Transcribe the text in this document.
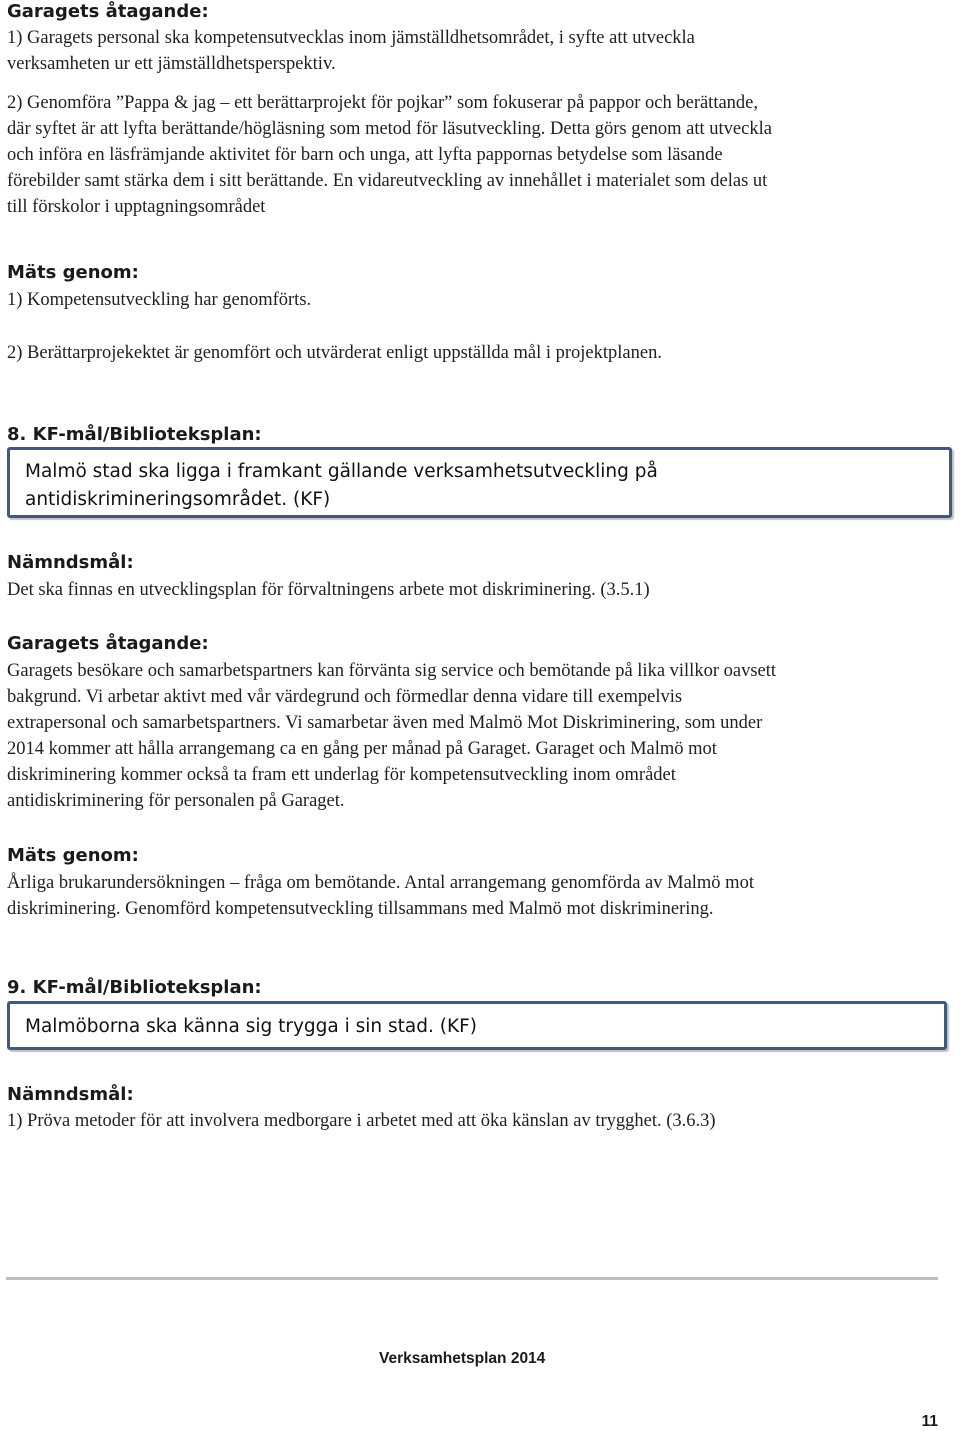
Garagets åtagande:
1) Garagets personal ska kompetensutvecklas inom jämställdhetsområdet, i syfte att utveckla
verksamheten ur ett jämställdhetsperspektiv.
2) Genomföra ”Pappa & jag – ett berättarprojekt för pojkar” som fokuserar på pappor och berättande,
där syftet är att lyfta berättande/högläsning som metod för läsutveckling. Detta görs genom att utveckla
och införa en läsfrämjande aktivitet för barn och unga, att lyfta pappornas betydelse som läsande
förebilder samt stärka dem i sitt berättande. En vidareutveckling av innehållet i materialet som delas ut
till förskolor i upptagningsområdet
Mäts genom:
1) Kompetensutveckling har genomförts.
2) Berättarprojekektet är genomfört och utvärderat enligt uppställda mål i projektplanen.
8. KF-mål/Biblioteksplan:
Malmö stad ska ligga i framkant gällande verksamhetsutveckling på
antidiskrimineringsområdet. (KF)
Nämndsmål:
Det ska finnas en utvecklingsplan för förvaltningens arbete mot diskriminering. (3.5.1)
Garagets åtagande:
Garagets besökare och samarbetspartners kan förvänta sig service och bemötande på lika villkor oavsett
bakgrund. Vi arbetar aktivt med vår värdegrund och förmedlar denna vidare till exempelvis
extrapersonal och samarbetspartners. Vi samarbetar även med Malmö Mot Diskriminering, som under
2014 kommer att hålla arrangemang ca en gång per månad på Garaget. Garaget och Malmö mot
diskriminering kommer också ta fram ett underlag för kompetensutveckling inom området
antidiskriminering för personalen på Garaget.
Mäts genom:
Årliga brukarundersökningen – fråga om bemötande. Antal arrangemang genomförda av Malmö mot
diskriminering. Genomförd kompetensutveckling tillsammans med Malmö mot diskriminering.
9. KF-mål/Biblioteksplan:
Malmöborna ska känna sig trygga i sin stad. (KF)
Nämndsmål:
1) Pröva metoder för att involvera medborgare i arbetet med att öka känslan av trygghet. (3.6.3)
Verksamhetsplan 2014
11
